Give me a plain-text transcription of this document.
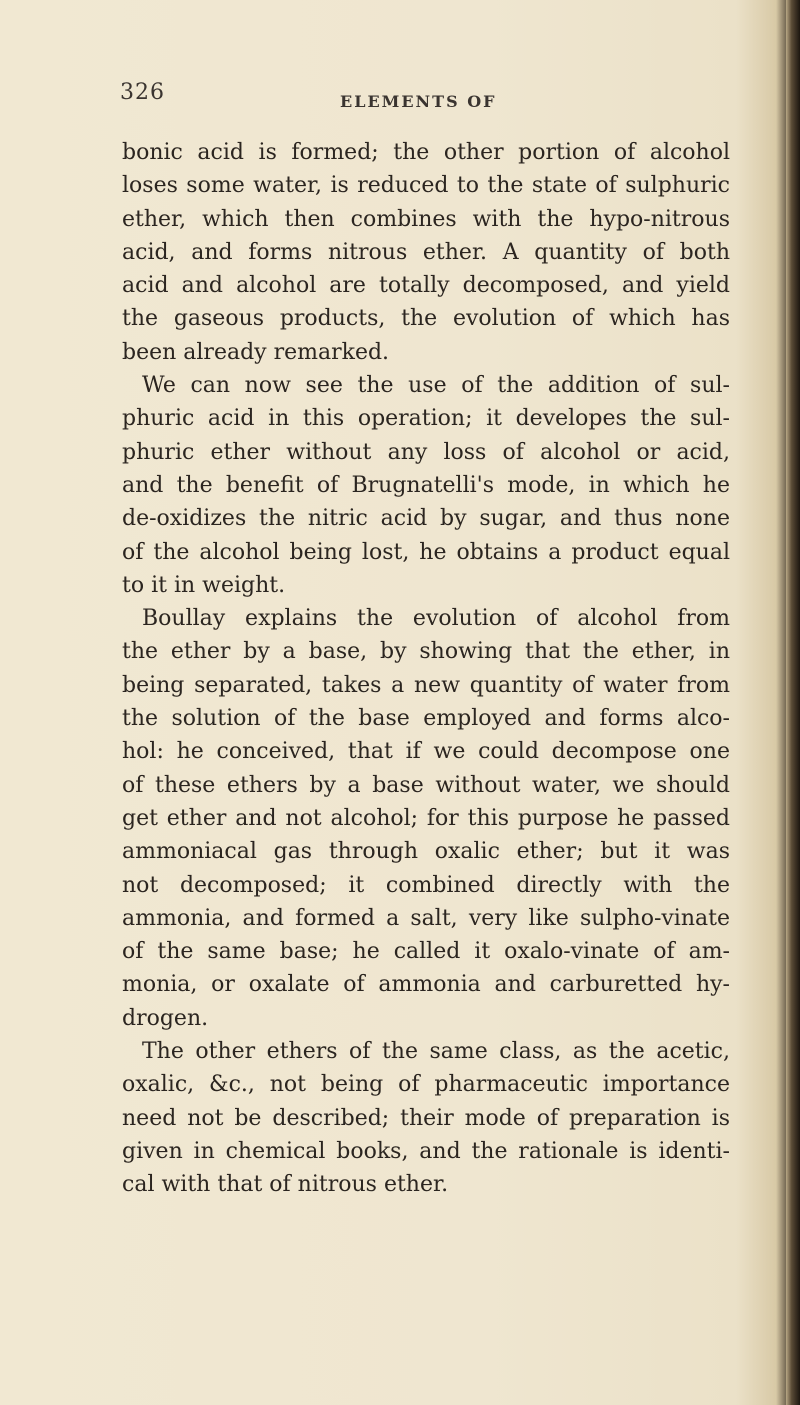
326	ELEMENTS OF
bonic acid is formed; the other portion of alcohol
loses some water, is reduced to the state of sulphuric
ether, which then combines with the hypo-nitrous
acid, and forms nitrous ether. A quantity of both
acid and alcohol are totally decomposed, and yield
the gaseous products, the evolution of which has
been already remarked.
We can now see the use of the addition of sul-
phuric acid in this operation; it developes the sul-
phuric ether without any loss of alcohol or acid,
and the benefit of Brugnatelli's mode, in which he
de-oxidizes the nitric acid by sugar, and thus none
of the alcohol being lost, he obtains a product equal
to it in weight.
Boullay explains the evolution of alcohol from
the ether by a base, by showing that the ether, in
being separated, takes a new quantity of water from
the solution of the base employed and forms alco-
hol: he conceived, that if we could decompose one
of these ethers by a base without water, we should
get ether and not alcohol; for this purpose he passed
ammoniacal gas through oxalic ether; but it was
not decomposed; it combined directly with the
ammonia, and formed a salt, very like sulpho-vinate
of the same base; he called it oxalo-vinate of am-
monia, or oxalate of ammonia and carburetted hy-
drogen.
The other ethers of the same class, as the acetic,
oxalic, &c., not being of pharmaceutic importance
need not be described; their mode of preparation is
given in chemical books, and the rationale is identi-
cal with that of nitrous ether.
